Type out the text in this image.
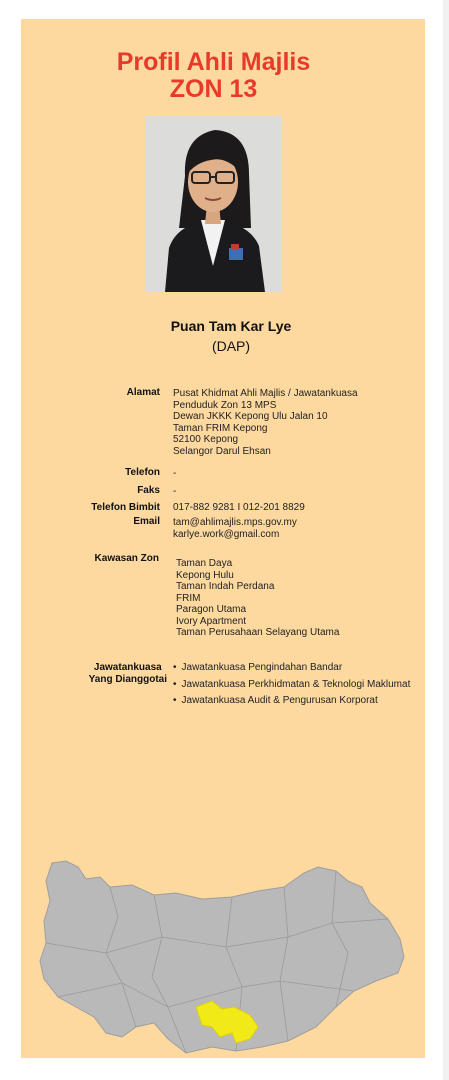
Profil Ahli Majlis
ZON 13
Puan Tam Kar Lye
(DAP)
Alamat Pusat Khidmat Ahli Majlis / Jawatankuasa
Penduduk Zon 13 MPS
Dewan JKKK Kepong Ulu Jalan 10
Taman FRIM Kepong
52100 Kepong
Selangor Darul Ehsan
Telefon -
Faks -
Telefon Bimbit 017-882 9281 I 012-201 8829
Email tam@ahlimajlis.mps.gov.my
karlye.work@gmail.com
Kawasan Zon Taman Daya
Kepong Hulu
Taman Indah Perdana
FRIM
Paragon Utama
Ivory Apartment
Taman Perusahaan Selayang Utama
Jawatankuasa
Yang Dianggotai
• Jawatankuasa Pengindahan Bandar
• Jawatankuasa Perkhidmatan & Teknologi Maklumat
• Jawatankuasa Audit & Pengurusan Korporat
